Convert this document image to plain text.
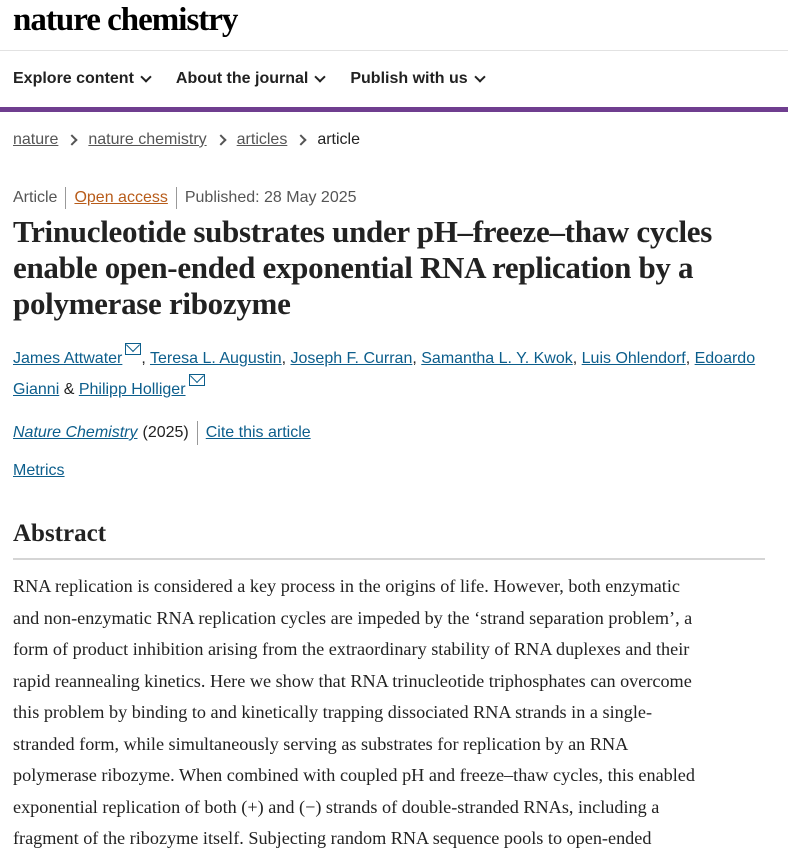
nature chemistry
Explore content	About the journal	Publish with us
nature nature chemistry articles article
Article Open access Published: 28 May 2025
Trinucleotide substrates under pH–freeze–thaw cycles enable open-ended exponential RNA replication by a polymerase ribozyme
James Attwater , Teresa L. Augustin, Joseph F. Curran, Samantha L. Y. Kwok, Luis Ohlendorf, Edoardo Gianni & Philipp Holliger
Nature Chemistry (2025) Cite this article
Metrics
Abstract
RNA replication is considered a key process in the origins of life. However, both enzymatic
and non-enzymatic RNA replication cycles are impeded by the ‘strand separation problem’, a
form of product inhibition arising from the extraordinary stability of RNA duplexes and their
rapid reannealing kinetics. Here we show that RNA trinucleotide triphosphates can overcome
this problem by binding to and kinetically trapping dissociated RNA strands in a single-
stranded form, while simultaneously serving as substrates for replication by an RNA
polymerase ribozyme. When combined with coupled pH and freeze–thaw cycles, this enabled
exponential replication of both (+) and (−) strands of double-stranded RNAs, including a
fragment of the ribozyme itself. Subjecting random RNA sequence pools to open-ended
